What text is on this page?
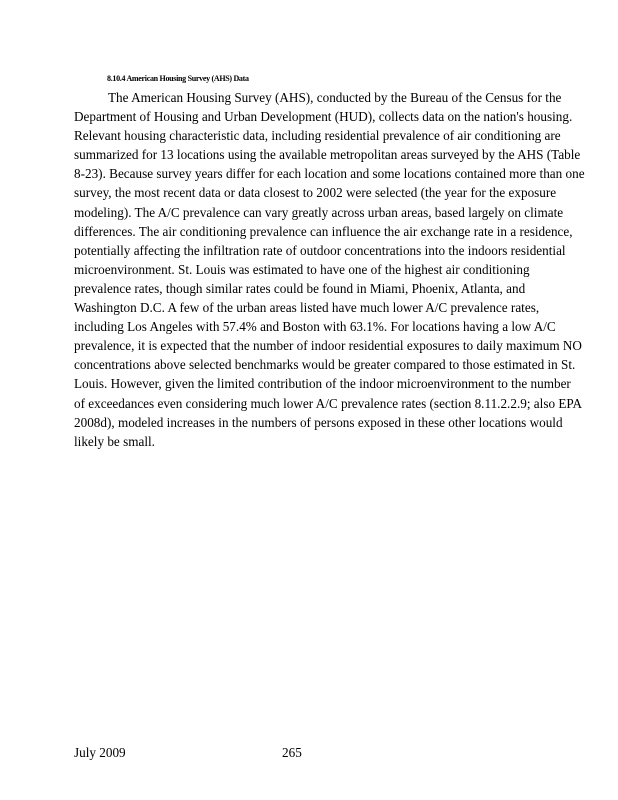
8.10.4 American Housing Survey (AHS) Data
The American Housing Survey (AHS), conducted by the Bureau of the Census for the
Department of Housing and Urban Development (HUD), collects data on the nation's housing.
Relevant housing characteristic data, including residential prevalence of air conditioning are
summarized for 13 locations using the available metropolitan areas surveyed by the AHS (Table
8-23). Because survey years differ for each location and some locations contained more than one
survey, the most recent data or data closest to 2002 were selected (the year for the exposure
modeling). The A/C prevalence can vary greatly across urban areas, based largely on climate
differences. The air conditioning prevalence can influence the air exchange rate in a residence,
potentially affecting the infiltration rate of outdoor concentrations into the indoors residential
microenvironment. St. Louis was estimated to have one of the highest air conditioning
prevalence rates, though similar rates could be found in Miami, Phoenix, Atlanta, and
Washington D.C. A few of the urban areas listed have much lower A/C prevalence rates,
including Los Angeles with 57.4% and Boston with 63.1%. For locations having a low A/C
prevalence, it is expected that the number of indoor residential exposures to daily maximum NO
concentrations above selected benchmarks would be greater compared to those estimated in St.
Louis. However, given the limited contribution of the indoor microenvironment to the number
of exceedances even considering much lower A/C prevalence rates (section 8.11.2.2.9; also EPA
2008d), modeled increases in the numbers of persons exposed in these other locations would
likely be small.
July 2009	265
